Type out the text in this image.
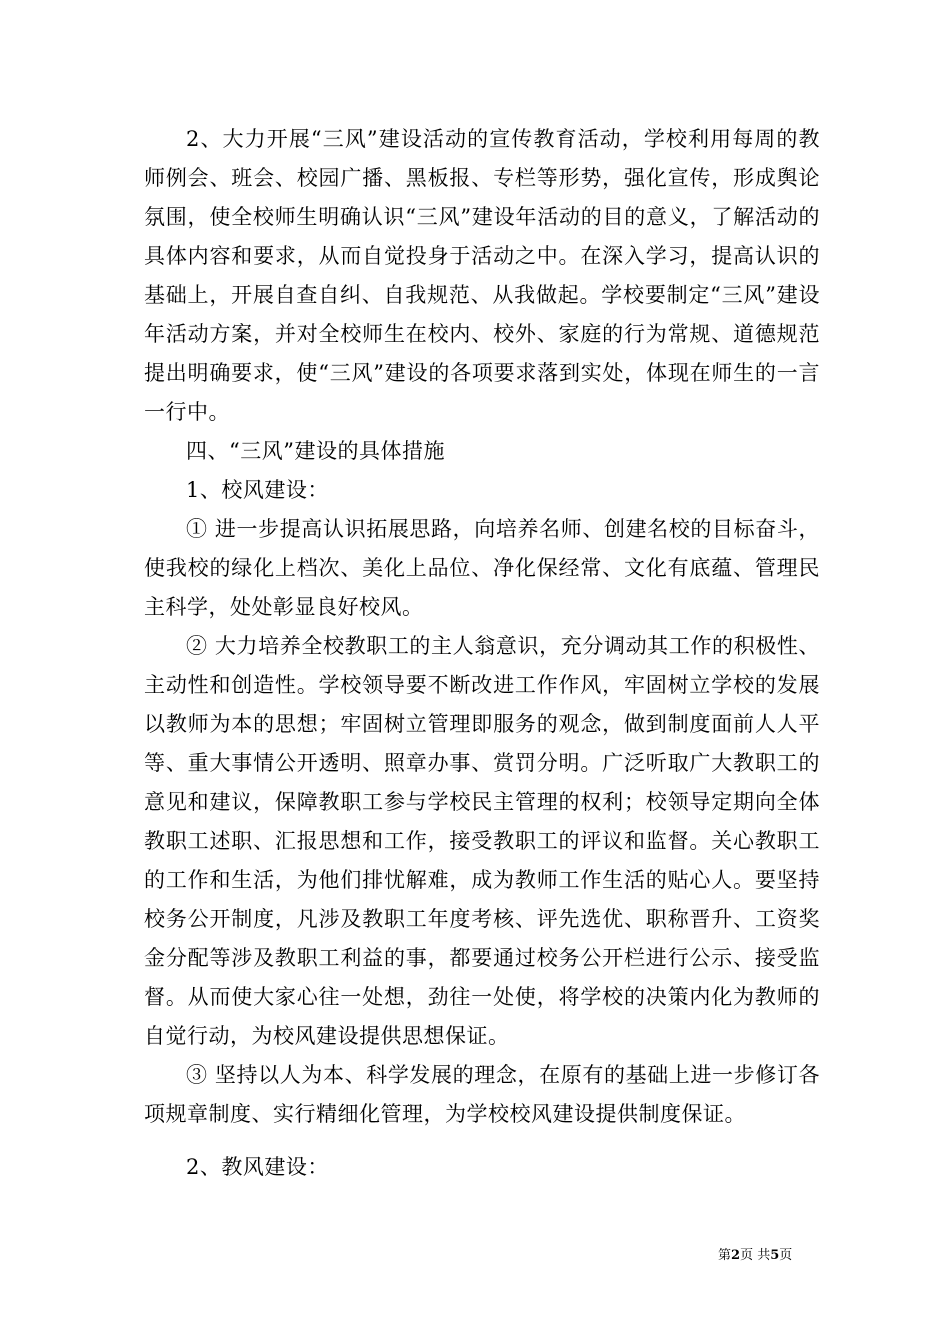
2、大力开展“三风”建设活动的宣传教育活动，学校利用每周的教师例会、班会、校园广播、黑板报、专栏等形势，强化宣传，形成舆论氛围，使全校师生明确认识“三风”建设年活动的目的意义，了解活动的具体内容和要求，从而自觉投身于活动之中。在深入学习，提高认识的基础上，开展自查自纠、自我规范、从我做起。学校要制定“三风”建设年活动方案，并对全校师生在校内、校外、家庭的行为常规、道德规范提出明确要求，使“三风”建设的各项要求落到实处，体现在师生的一言一行中。

四、“三风”建设的具体措施

1、校风建设：

① 进一步提高认识拓展思路，向培养名师、创建名校的目标奋斗，使我校的绿化上档次、美化上品位、净化保经常、文化有底蕴、管理民主科学，处处彰显良好校风。

② 大力培养全校教职工的主人翁意识，充分调动其工作的积极性、主动性和创造性。学校领导要不断改进工作作风，牢固树立学校的发展以教师为本的思想；牢固树立管理即服务的观念，做到制度面前人人平等、重大事情公开透明、照章办事、赏罚分明。广泛听取广大教职工的意见和建议，保障教职工参与学校民主管理的权利；校领导定期向全体教职工述职、汇报思想和工作，接受教职工的评议和监督。关心教职工的工作和生活，为他们排忧解难，成为教师工作生活的贴心人。要坚持校务公开制度，凡涉及教职工年度考核、评先选优、职称晋升、工资奖金分配等涉及教职工利益的事，都要通过校务公开栏进行公示、接受监督。从而使大家心往一处想，劲往一处使，将学校的决策内化为教师的自觉行动，为校风建设提供思想保证。

③ 坚持以人为本、科学发展的理念，在原有的基础上进一步修订各项规章制度、实行精细化管理，为学校校风建设提供制度保证。

2、教风建设：

第2页 共5页
